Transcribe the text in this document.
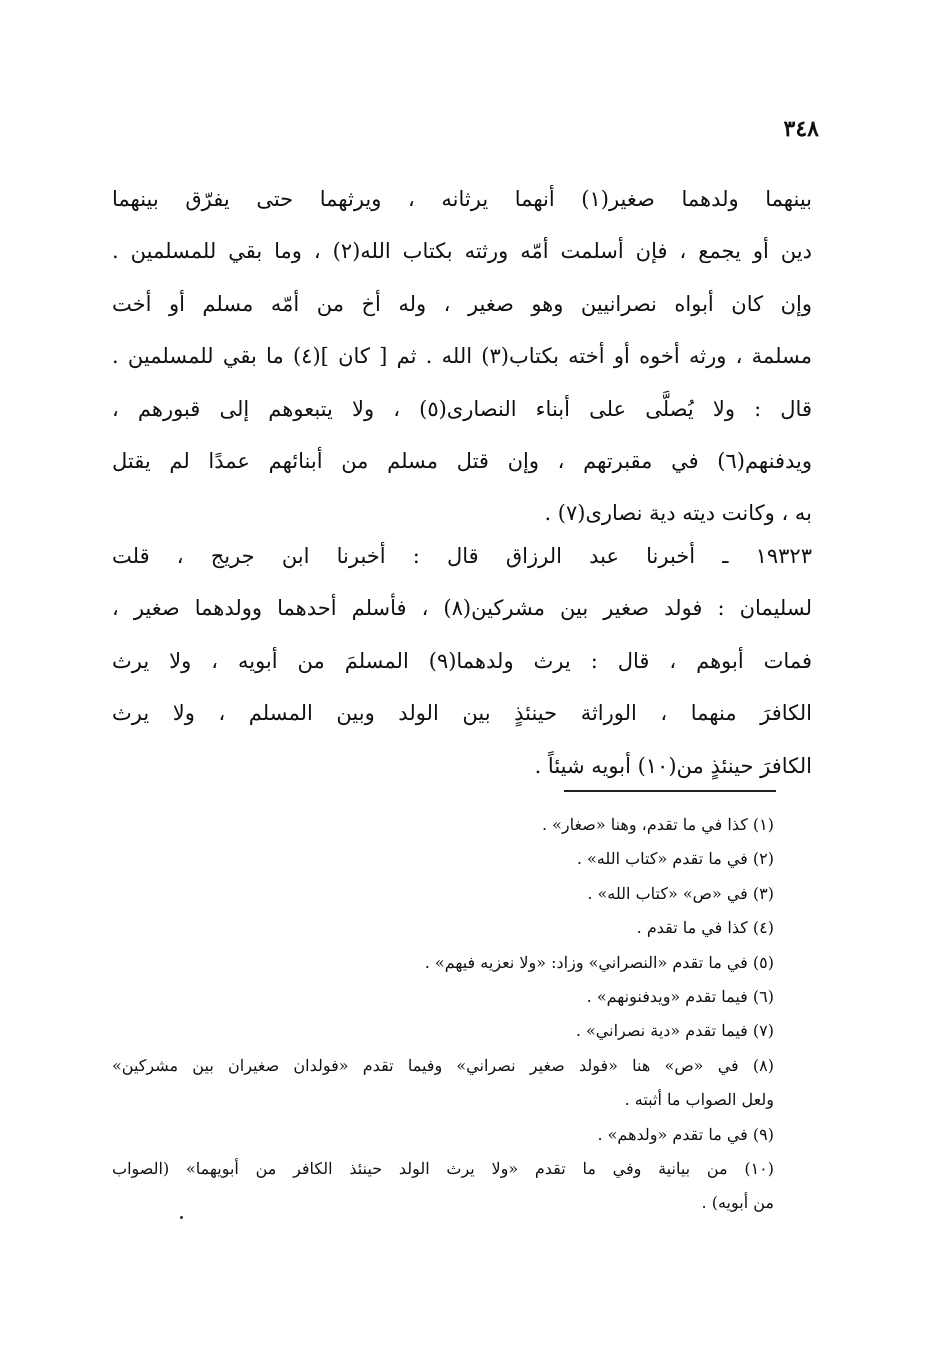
٣٤٨
بينهما ولدهما صغير(١) أنهما يرثانه ، ويرثهما حتى يفرّق بينهما
دين أو يجمع ، فإن أسلمت أمّه ورثته بكتاب الله(٢) ، وما بقي للمسلمين .
وإن كان أبواه نصرانيين وهو صغير ، وله أخ من أمّه مسلم أو أخت
مسلمة ، ورثه أخوه أو أخته بكتاب(٣) الله . ثم [ كان ](٤) ما بقي للمسلمين .
قال : ولا يُصلَّى على أبناء النصارى(٥) ، ولا يتبعوهم إلى قبورهم ،
ويدفنهم(٦) في مقبرتهم ، وإن قتل مسلم من أبنائهم عمدًا لم يقتل
به ، وكانت ديته دية نصارى(٧) .
١٩٣٢٣ ـ أخبرنا عبد الرزاق قال : أخبرنا ابن جريج ، قلت
لسليمان : فولد صغير بين مشركين(٨) ، فأسلم أحدهما وولدهما صغير ،
فمات أبوهم ، قال : يرث ولدهما(٩) المسلمَ من أبويه ، ولا يرث
الكافرَ منهما ، الوراثة حينئذٍ بين الولد وبين المسلم ، ولا يرث
الكافرَ حينئذٍ من(١٠) أبويه شيئاً .
(١) كذا في ما تقدم، وهنا «صغار» .
(٢) في ما تقدم «كتاب الله» .
(٣) في «ص» «كتاب الله» .
(٤) كذا في ما تقدم .
(٥) في ما تقدم «النصراني» وزاد: «ولا نعزيه فيهم» .
(٦) فيما تقدم «ويدفنونهم» .
(٧) فيما تقدم «دية نصراني» .
(٨) في «ص» هنا «فولد صغير نصراني» وفيما تقدم «فولدان صغيران بين مشركين»
ولعل الصواب ما أثبته .
(٩) في ما تقدم «ولدهم» .
(١٠) من بيانية وفي ما تقدم «ولا يرث الولد حينئذ الكافر من أبويهما» (الصواب
من أبويه) .
